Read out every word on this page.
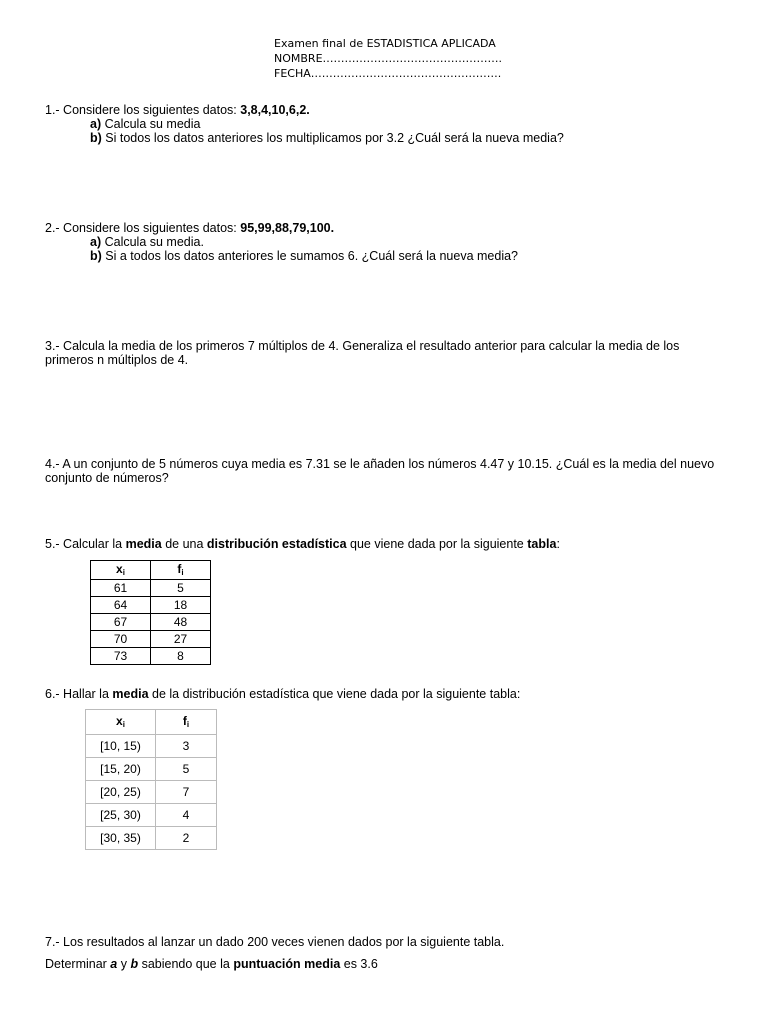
Examen final de ESTADISTICA APLICADA
NOMBRE………………………………………….
FECHA…………………………………………….
1.- Considere los siguientes datos: 3,8,4,10,6,2.
a) Calcula su media
b) Si todos los datos anteriores los multiplicamos por 3.2 ¿Cuál será la nueva media?
2.- Considere los siguientes datos: 95,99,88,79,100.
a) Calcula su media.
b) Si a todos los datos anteriores le sumamos 6. ¿Cuál será la nueva media?
3.- Calcula la media de los primeros 7 múltiplos de 4. Generaliza el resultado anterior para calcular la media de los primeros n múltiplos de 4.
4.- A un conjunto de 5 números cuya media es 7.31 se le añaden los números 4.47 y 10.15. ¿Cuál es la media del nuevo conjunto de números?
5.- Calcular la media de una distribución estadística que viene dada por la siguiente tabla:
$x_i$	$f_i$
61	5
64	18
67	48
70	27
73	8
6.- Hallar la media de la distribución estadística que viene dada por la siguiente tabla:
$x_i$	$f_i$
[10, 15)	3
[15, 20)	5
[20, 25)	7
[25, 30)	4
[30, 35)	2
7.- Los resultados al lanzar un dado 200 veces vienen dados por la siguiente tabla.
Determinar a y b sabiendo que la puntuación media es 3.6
